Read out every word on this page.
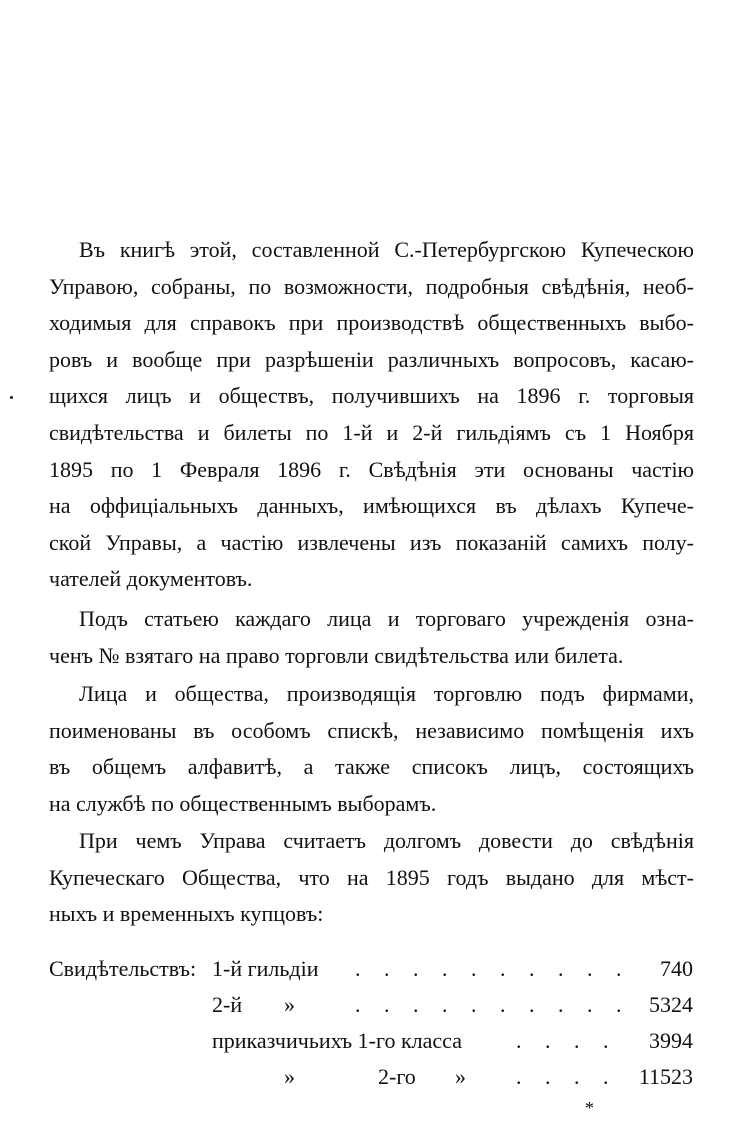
Въ книгѣ этой, составленной С.-Петербургскою Купеческою
Управою, собраны, по возможности, подробныя свѣдѣнія, необ-
ходимыя для справокъ при производствѣ общественныхъ выбо-
ровъ и вообще при разрѣшеніи различныхъ вопросовъ, касаю-
щихся лицъ и обществъ, получившихъ на 1896 г. торговыя
свидѣтельства и билеты по 1-й и 2-й гильдіямъ съ 1 Ноября
1895 по 1 Февраля 1896 г. Свѣдѣнія эти основаны частію
на оффиціальныхъ данныхъ, имѣющихся въ дѣлахъ Купече-
ской Управы, а частію извлечены изъ показаній самихъ полу-
чателей документовъ.
Подъ статьею каждаго лица и торговаго учрежденія озна-
ченъ № взятаго на право торговли свидѣтельства или билета.
Лица и общества, производящія торговлю подъ фирмами,
поименованы въ особомъ спискѣ, независимо помѣщенія ихъ
въ общемъ алфавитѣ, а также списокъ лицъ, состоящихъ
на службѣ по общественнымъ выборамъ.
При чемъ Управа считаетъ долгомъ довести до свѣдѣнія
Купеческаго Общества, что на 1895 годъ выдано для мѣст-
ныхъ и временныхъ купцовъ:
Свидѣтельствъ: 1-й гильдіи . . . . . . . . . . 740
2-й »	. . . . . . . . . . 5324
приказчичьихъ 1-го класса . . . . 3994
»	2-го » . . . . 11523
*
